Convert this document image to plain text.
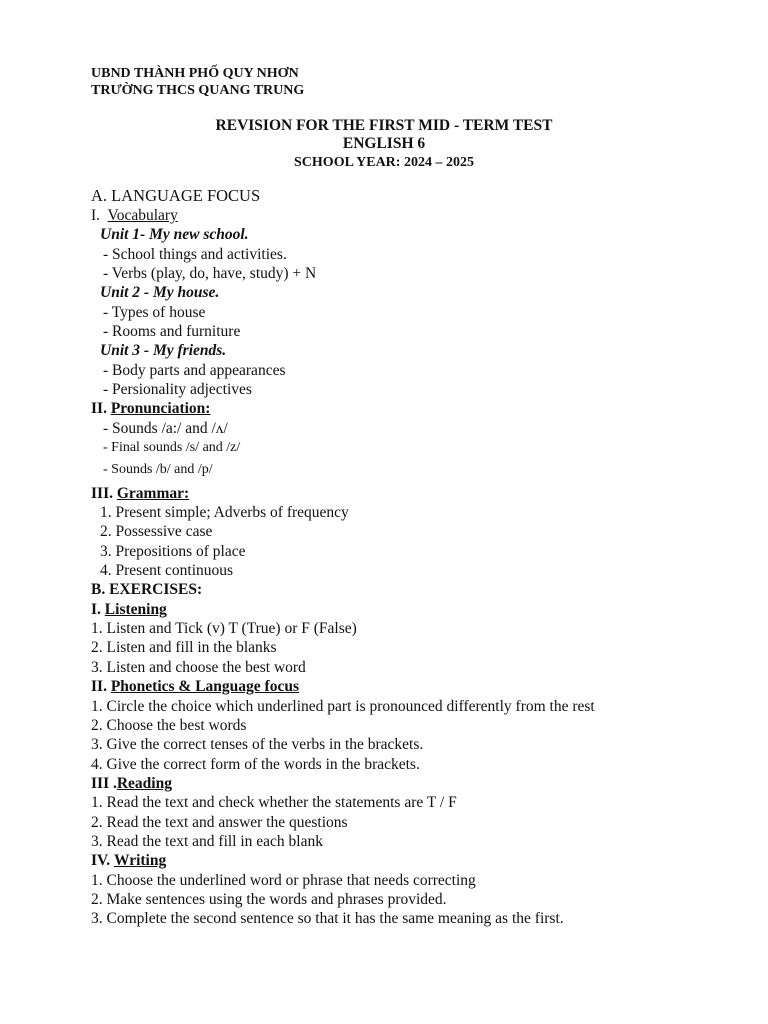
UBND THÀNH PHỐ QUY NHƠN
TRƯỜNG THCS QUANG TRUNG
REVISION FOR THE FIRST MID - TERM TEST
ENGLISH 6
SCHOOL YEAR: 2024 – 2025
A. LANGUAGE FOCUS
I. Vocabulary
Unit 1- My new school.
- School things and activities.
- Verbs (play, do, have, study) + N
Unit 2 - My house.
- Types of house
- Rooms and furniture
Unit 3 - My friends.
- Body parts and appearances
- Persionality adjectives
II. Pronunciation:
- Sounds /a:/ and /ʌ/
- Final sounds /s/ and /z/
- Sounds /b/ and /p/
III. Grammar:
1. Present simple; Adverbs of frequency
2. Possessive case
3. Prepositions of place
4. Present continuous
B. EXERCISES:
I. Listening
1. Listen and Tick (v) T (True) or F (False)
2. Listen and fill in the blanks
3. Listen and choose the best word
II. Phonetics & Language focus
1. Circle the choice which underlined part is pronounced differently from the rest
2. Choose the best words
3. Give the correct tenses of the verbs in the brackets.
4. Give the correct form of the words in the brackets.
III .Reading
1. Read the text and check whether the statements are T / F
2. Read the text and answer the questions
3. Read the text and fill in each blank
IV. Writing
1. Choose the underlined word or phrase that needs correcting
2. Make sentences using the words and phrases provided.
3. Complete the second sentence so that it has the same meaning as the first.
